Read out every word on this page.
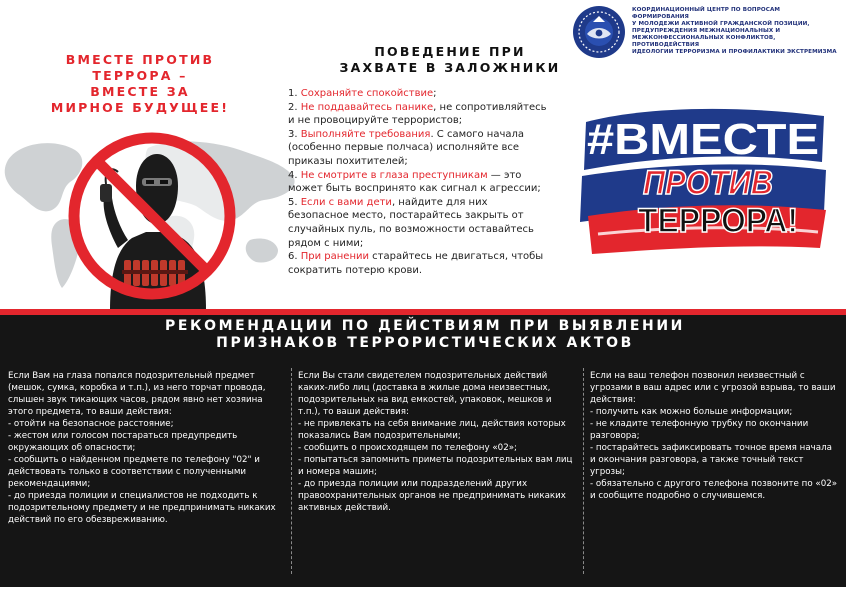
ВМЕСТЕ ПРОТИВ
ТЕРРОРА –
ВМЕСТЕ ЗА
МИРНОЕ БУДУЩЕЕ!
ПОВЕДЕНИЕ ПРИ
ЗАХВАТЕ В ЗАЛОЖНИКИ

1. Сохраняйте спокойствие;

2. Не поддавайтесь панике, не сопротивляйтесь и не провоцируйте террористов;

3. Выполняйте требования. С самого начала (особенно первые полчаса) исполняйте все приказы похитителей;

4. Не смотрите в глаза преступникам — это может быть воспринято как сигнал к агрессии;

5. Если с вами дети, найдите для них безопасное место, постарайтесь закрыть от случайных пуль, по возможности оставайтесь рядом с ними;

6. При ранении старайтесь не двигаться, чтобы сократить потерю крови.

КООРДИНАЦИОННЫЙ ЦЕНТР ПО ВОПРОСАМ ФОРМИРОВАНИЯ
У МОЛОДЕЖИ АКТИВНОЙ ГРАЖДАНСКОЙ ПОЗИЦИИ,
ПРЕДУПРЕЖДЕНИЯ МЕЖНАЦИОНАЛЬНЫХ И
МЕЖКОНФЕССИОНАЛЬНЫХ КОНФЛИКТОВ, ПРОТИВОДЕЙСТВИЯ
ИДЕОЛОГИИ ТЕРРОРИЗМА И ПРОФИЛАКТИКИ ЭКСТРЕМИЗМА
#ВМЕСТЕ
ПРОТИВ
ТЕРРОРА!
РЕКОМЕНДАЦИИ ПО ДЕЙСТВИЯМ ПРИ ВЫЯВЛЕНИИ
ПРИЗНАКОВ ТЕРРОРИСТИЧЕСКИХ АКТОВ

Если Вам на глаза попался подозрительный предмет (мешок, сумка, коробка и т.п.), из него торчат провода, слышен звук тикающих часов, рядом явно нет хозяина этого предмета, то ваши действия:

- отойти на безопасное расстояние;

- жестом или голосом постараться предупредить окружающих об опасности;

- сообщить о найденном предмете по телефону "02" и действовать только в соответствии с полученными рекомендациями;

- до приезда полиции и специалистов не подходить к подозрительному предмету и не предпринимать никаких действий по его обезвреживанию.

Если Вы стали свидетелем подозрительных действий каких-либо лиц (доставка в жилые дома неизвестных, подозрительных на вид емкостей, упаковок, мешков и т.п.), то ваши действия:

- не привлекать на себя внимание лиц, действия которых показались Вам подозрительными;

- сообщить о происходящем по телефону «02»;

- попытаться запомнить приметы подозрительных вам лиц и номера машин;

- до приезда полиции или подразделений других правоохранительных органов не предпринимать никаких активных действий.

Если на ваш телефон позвонил неизвестный с угрозами в ваш адрес или с угрозой взрыва, то ваши действия:

- получить как можно больше информации;

- не кладите телефонную трубку по окончании разговора;

- постарайтесь зафиксировать точное время начала и окончания разговора, а также точный текст угрозы;

- обязательно с другого телефона позвоните по «02» и сообщите подробно о случившемся.
